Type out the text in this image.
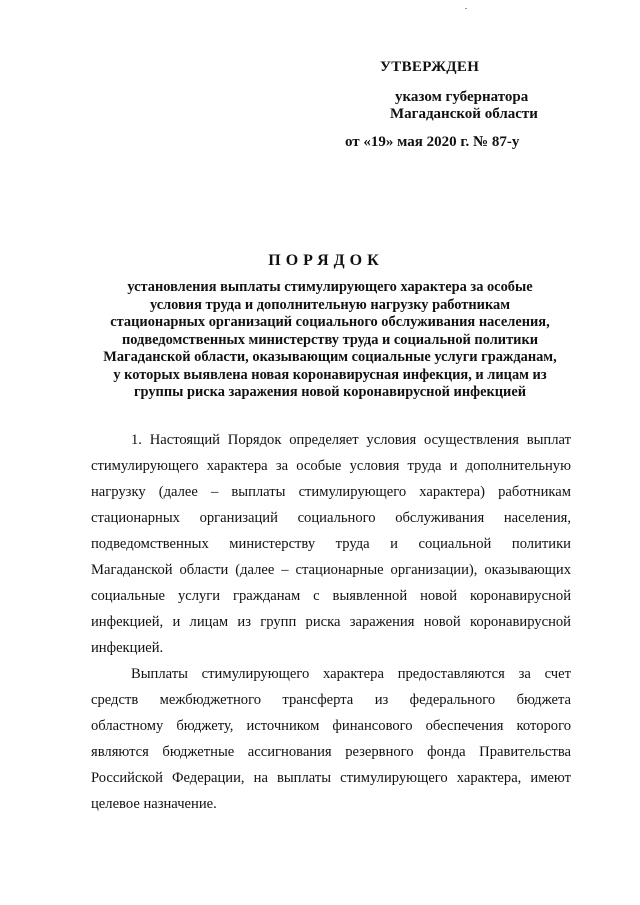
УТВЕРЖДЕН
указом губернатора
Магаданской области
от «19» мая 2020 г. № 87-у
ПОРЯДОК
установления выплаты стимулирующего характера за особые
условия труда и дополнительную нагрузку работникам
стационарных организаций социального обслуживания населения,
подведомственных министерству труда и социальной политики
Магаданской области, оказывающим социальные услуги гражданам,
у которых выявлена новая коронавирусная инфекция, и лицам из
группы риска заражения новой коронавирусной инфекцией
1. Настоящий Порядок определяет условия осуществления выплат
стимулирующего характера за особые условия труда и дополнительную
нагрузку (далее – выплаты стимулирующего характера) работникам
стационарных организаций социального обслуживания населения,
подведомственных министерству труда и социальной политики
Магаданской области (далее – стационарные организации), оказывающих
социальные услуги гражданам с выявленной новой коронавирусной
инфекцией, и лицам из групп риска заражения новой коронавирусной
инфекцией.
Выплаты стимулирующего характера предоставляются за счет
средств межбюджетного трансферта из федерального бюджета
областному бюджету, источником финансового обеспечения которого
являются бюджетные ассигнования резервного фонда Правительства
Российской Федерации, на выплаты стимулирующего характера, имеют
целевое назначение.
